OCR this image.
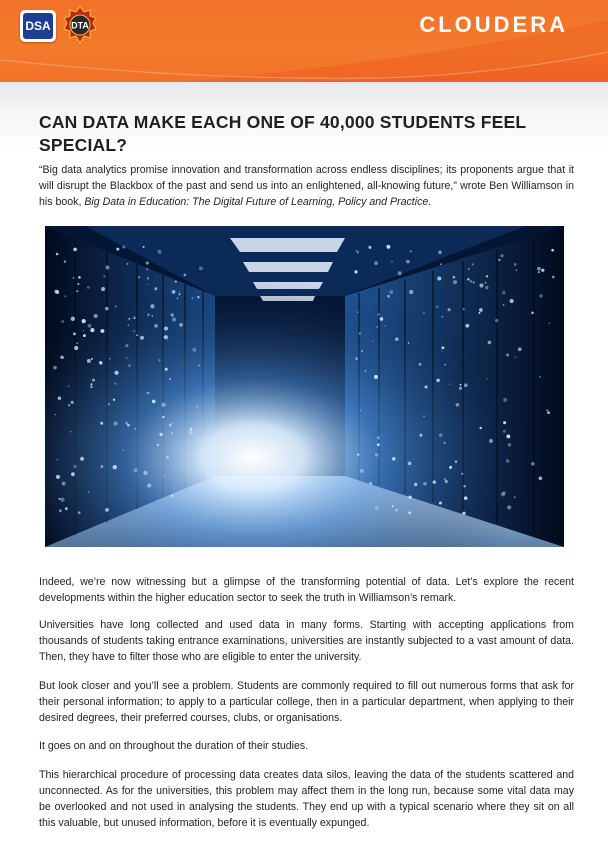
DSA DTA	CLOUDERA
CAN DATA MAKE EACH ONE OF 40,000 STUDENTS FEEL SPECIAL?

“Big data analytics promise innovation and transformation across endless disciplines; its proponents argue that it will disrupt the Blackbox of the past and send us into an enlightened, all-knowing future,” wrote Ben Williamson in his book, Big Data in Education: The Digital Future of Learning, Policy and Practice.

Indeed, we’re now witnessing but a glimpse of the transforming potential of data. Let’s explore the recent developments within the higher education sector to seek the truth in Williamson’s remark.

Universities have long collected and used data in many forms. Starting with accepting applications from thousands of students taking entrance examinations, universities are instantly subjected to a vast amount of data. Then, they have to filter those who are eligible to enter the university.

But look closer and you’ll see a problem. Students are commonly required to fill out numerous forms that ask for their personal information; to apply to a particular college, then in a particular department, when applying to their desired degrees, their preferred courses, clubs, or organisations.

It goes on and on throughout the duration of their studies.

This hierarchical procedure of processing data creates data silos, leaving the data of the students scattered and unconnected. As for the universities, this problem may affect them in the long run, because some vital data may be overlooked and not used in analysing the students. They end up with a typical scenario where they sit on all this valuable, but unused information, before it is eventually expunged.
